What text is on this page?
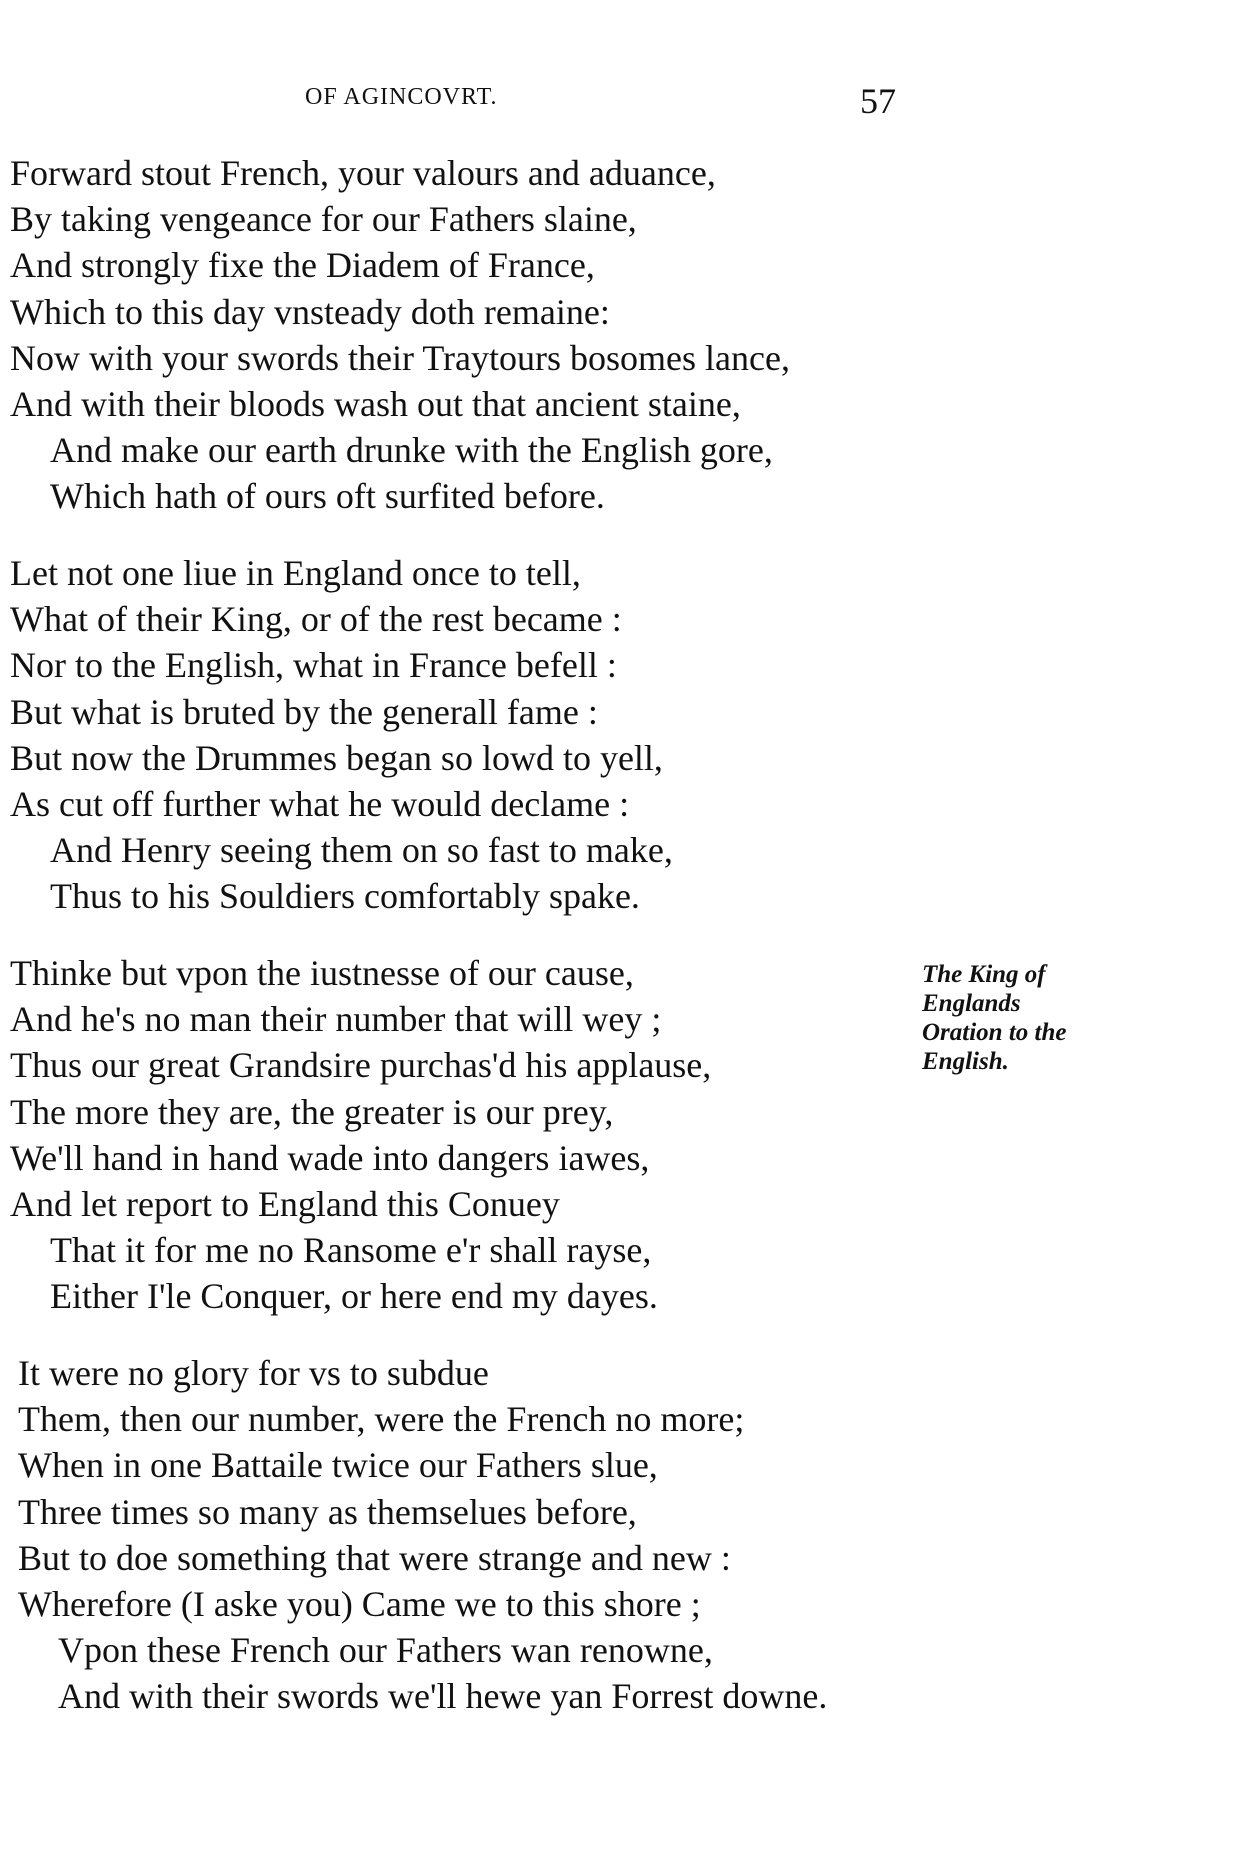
OF AGINCOVRT.	57
Forward stout French, your valours and aduance,
By taking vengeance for our Fathers slaine,
And strongly fixe the Diadem of France,
Which to this day vnsteady doth remaine:
Now with your swords their Traytours bosomes lance,
And with their bloods wash out that ancient staine,
And make our earth drunke with the English gore,
Which hath of ours oft surfited before.
Let not one liue in England once to tell,
What of their King, or of the rest became :
Nor to the English, what in France befell :
But what is bruted by the generall fame :
But now the Drummes began so lowd to yell,
As cut off further what he would declame :
And Henry seeing them on so fast to make,
Thus to his Souldiers comfortably spake.
Thinke but vpon the iustnesse of our cause,
And he's no man their number that will wey ;
Thus our great Grandsire purchas'd his applause,
The more they are, the greater is our prey,
We'll hand in hand wade into dangers iawes,
And let report to England this Conuey
That it for me no Ransome e'r shall rayse,
Either I'le Conquer, or here end my dayes.
The King of
Englands
Oration to the
English.
It were no glory for vs to subdue
Them, then our number, were the French no more;
When in one Battaile twice our Fathers slue,
Three times so many as themselues before,
But to doe something that were strange and new :
Wherefore (I aske you) Came we to this shore ;
Vpon these French our Fathers wan renowne,
And with their swords we'll hewe yan Forrest downe.
